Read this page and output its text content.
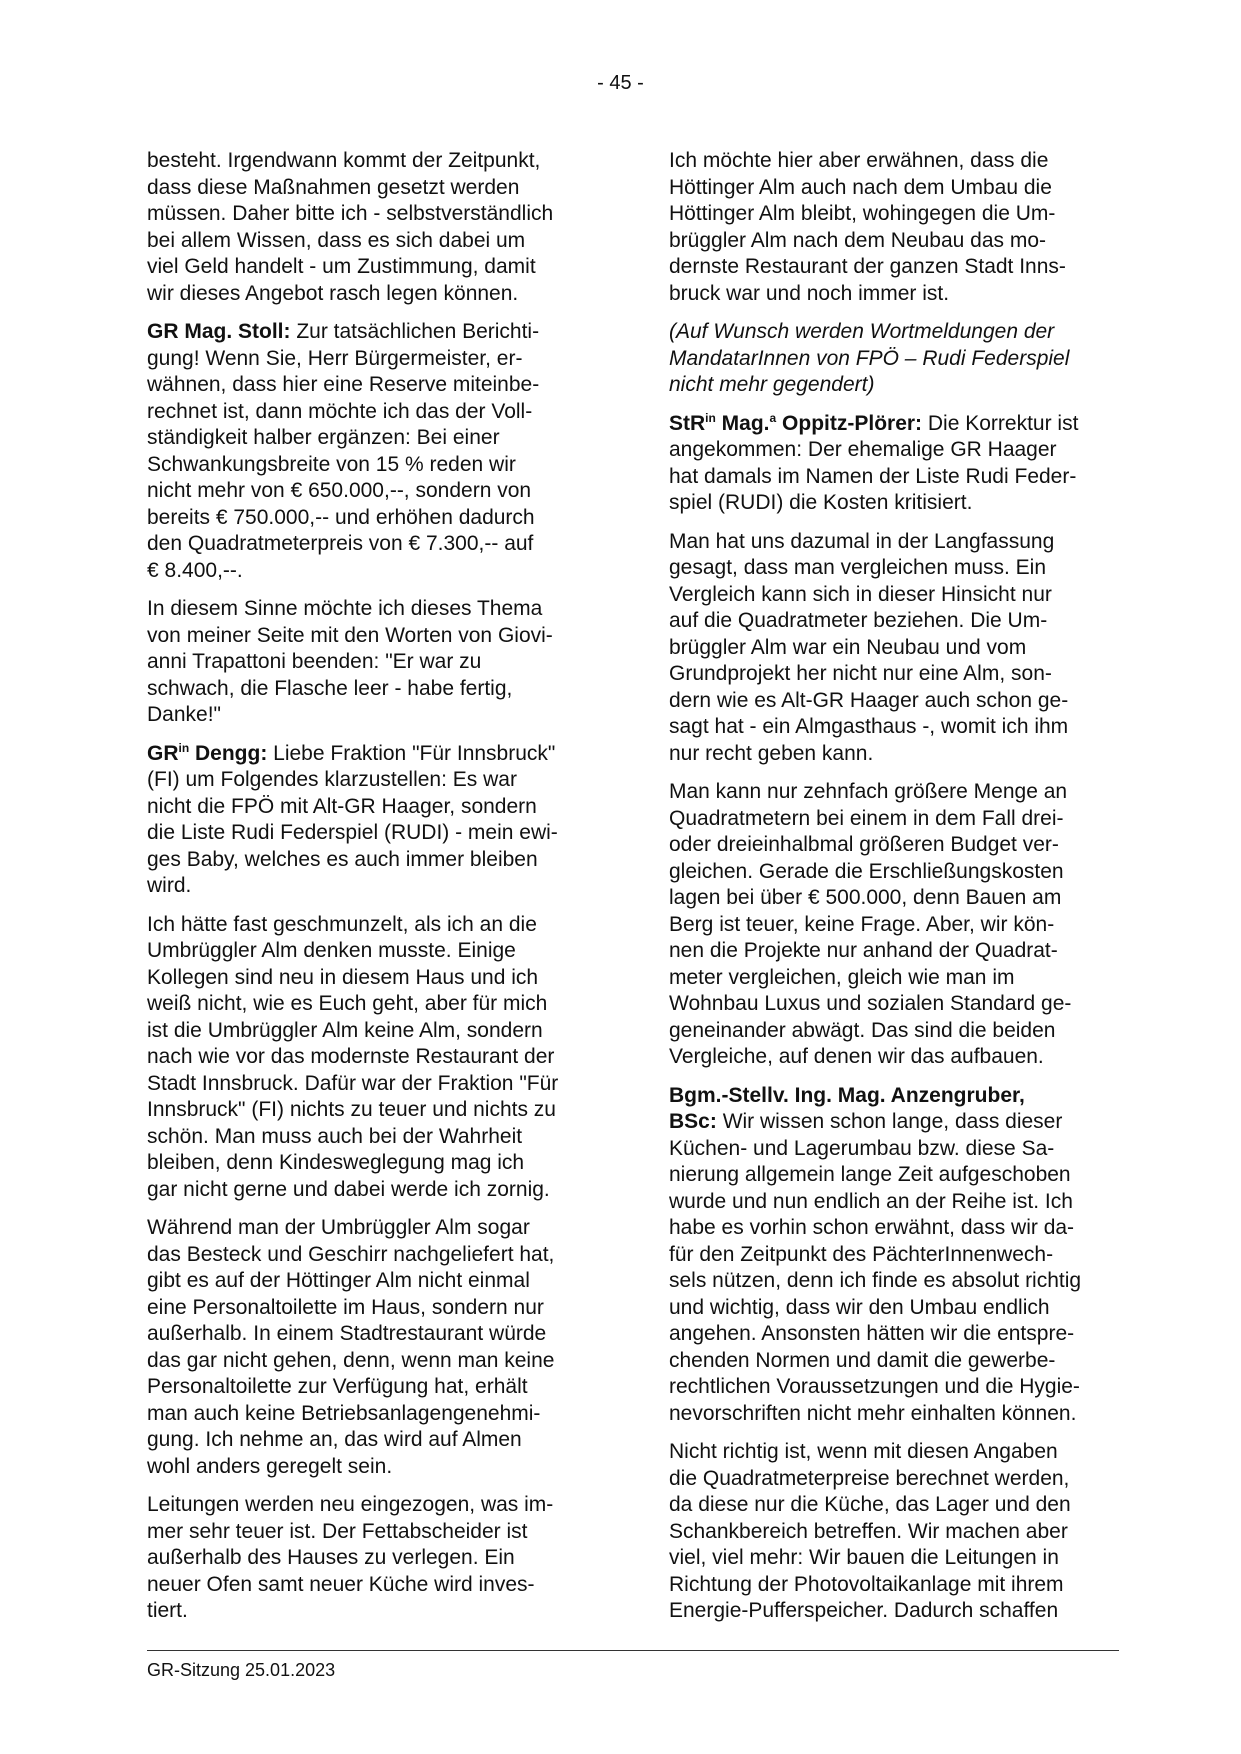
- 45 -

besteht. Irgendwann kommt der Zeitpunkt,
dass diese Maßnahmen gesetzt werden
müssen. Daher bitte ich - selbstverständlich
bei allem Wissen, dass es sich dabei um
viel Geld handelt - um Zustimmung, damit
wir dieses Angebot rasch legen können.

GR Mag. Stoll: Zur tatsächlichen Berichti-
gung! Wenn Sie, Herr Bürgermeister, er-
wähnen, dass hier eine Reserve miteinbe-
rechnet ist, dann möchte ich das der Voll-
ständigkeit halber ergänzen: Bei einer
Schwankungsbreite von 15 % reden wir
nicht mehr von € 650.000,--, sondern von
bereits € 750.000,-- und erhöhen dadurch
den Quadratmeterpreis von € 7.300,-- auf
€ 8.400,--.

In diesem Sinne möchte ich dieses Thema
von meiner Seite mit den Worten von Giovi-
anni Trapattoni beenden: "Er war zu
schwach, die Flasche leer - habe fertig,
Danke!"

$GR^{in}$ Dengg: Liebe Fraktion "Für Innsbruck"
(FI) um Folgendes klarzustellen: Es war
nicht die FPÖ mit Alt-GR Haager, sondern
die Liste Rudi Federspiel (RUDI) - mein ewi-
ges Baby, welches es auch immer bleiben
wird.

Ich hätte fast geschmunzelt, als ich an die
Umbrüggler Alm denken musste. Einige
Kollegen sind neu in diesem Haus und ich
weiß nicht, wie es Euch geht, aber für mich
ist die Umbrüggler Alm keine Alm, sondern
nach wie vor das modernste Restaurant der
Stadt Innsbruck. Dafür war der Fraktion "Für
Innsbruck" (FI) nichts zu teuer und nichts zu
schön. Man muss auch bei der Wahrheit
bleiben, denn Kindesweglegung mag ich
gar nicht gerne und dabei werde ich zornig.

Während man der Umbrüggler Alm sogar
das Besteck und Geschirr nachgeliefert hat,
gibt es auf der Höttinger Alm nicht einmal
eine Personaltoilette im Haus, sondern nur
außerhalb. In einem Stadtrestaurant würde
das gar nicht gehen, denn, wenn man keine
Personaltoilette zur Verfügung hat, erhält
man auch keine Betriebsanlagengenehmi-
gung. Ich nehme an, das wird auf Almen
wohl anders geregelt sein.

Leitungen werden neu eingezogen, was im-
mer sehr teuer ist. Der Fettabscheider ist
außerhalb des Hauses zu verlegen. Ein
neuer Ofen samt neuer Küche wird inves-
tiert.

Ich möchte hier aber erwähnen, dass die
Höttinger Alm auch nach dem Umbau die
Höttinger Alm bleibt, wohingegen die Um-
brüggler Alm nach dem Neubau das mo-
dernste Restaurant der ganzen Stadt Inns-
bruck war und noch immer ist.

(Auf Wunsch werden Wortmeldungen der
MandatarInnen von FPÖ – Rudi Federspiel
nicht mehr gegendert)

StR$^{in}$ Mag.$^a$ Oppitz-Plörer: Die Korrektur ist
angekommen: Der ehemalige GR Haager
hat damals im Namen der Liste Rudi Feder-
spiel (RUDI) die Kosten kritisiert.

Man hat uns dazumal in der Langfassung
gesagt, dass man vergleichen muss. Ein
Vergleich kann sich in dieser Hinsicht nur
auf die Quadratmeter beziehen. Die Um-
brüggler Alm war ein Neubau und vom
Grundprojekt her nicht nur eine Alm, son-
dern wie es Alt-GR Haager auch schon ge-
sagt hat - ein Almgasthaus -, womit ich ihm
nur recht geben kann.

Man kann nur zehnfach größere Menge an
Quadratmetern bei einem in dem Fall drei-
oder dreieinhalbmal größeren Budget ver-
gleichen. Gerade die Erschließungskosten
lagen bei über € 500.000, denn Bauen am
Berg ist teuer, keine Frage. Aber, wir kön-
nen die Projekte nur anhand der Quadrat-
meter vergleichen, gleich wie man im
Wohnbau Luxus und sozialen Standard ge-
geneinander abwägt. Das sind die beiden
Vergleiche, auf denen wir das aufbauen.

Bgm.-Stellv. Ing. Mag. Anzengruber,
BSc: Wir wissen schon lange, dass dieser
Küchen- und Lagerumbau bzw. diese Sa-
nierung allgemein lange Zeit aufgeschoben
wurde und nun endlich an der Reihe ist. Ich
habe es vorhin schon erwähnt, dass wir da-
für den Zeitpunkt des PächterInnenwech-
sels nützen, denn ich finde es absolut richtig
und wichtig, dass wir den Umbau endlich
angehen. Ansonsten hätten wir die entspre-
chenden Normen und damit die gewerbe-
rechtlichen Voraussetzungen und die Hygie-
nevorschriften nicht mehr einhalten können.

Nicht richtig ist, wenn mit diesen Angaben
die Quadratmeterpreise berechnet werden,
da diese nur die Küche, das Lager und den
Schankbereich betreffen. Wir machen aber
viel, viel mehr: Wir bauen die Leitungen in
Richtung der Photovoltaikanlage mit ihrem
Energie-Pufferspeicher. Dadurch schaffen

GR-Sitzung 25.01.2023
